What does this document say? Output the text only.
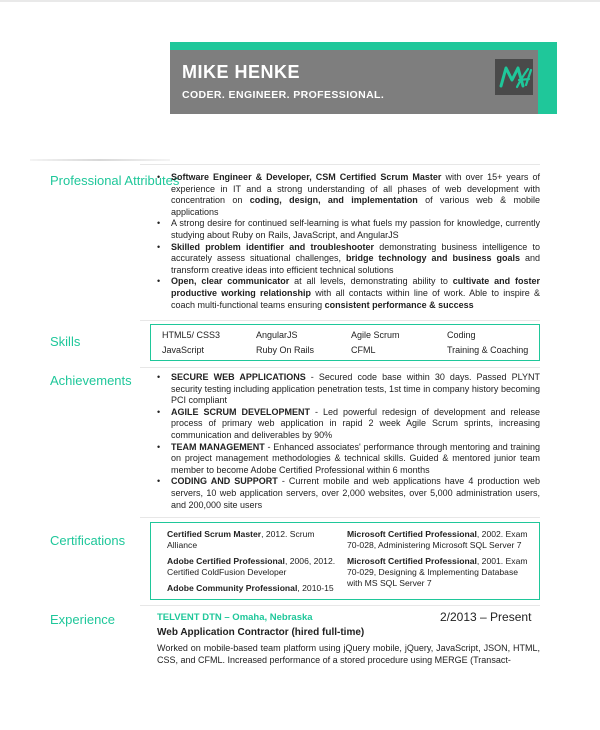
MIKE HENKE
CODER. ENGINEER. PROFESSIONAL.
Professional Attributes
• Software Engineer & Developer, CSM Certified Scrum Master with over 15+ years of experience in IT and a strong understanding of all phases of web development with concentration on coding, design, and implementation of various web & mobile applications
• A strong desire for continued self-learning is what fuels my passion for knowledge, currently studying about Ruby on Rails, JavaScript, and AngularJS
• Skilled problem identifier and troubleshooter demonstrating business intelligence to accurately assess situational challenges, bridge technology and business goals and transform creative ideas into efficient technical solutions
• Open, clear communicator at all levels, demonstrating ability to cultivate and foster productive working relationship with all contacts within line of work. Able to inspire & coach multi-functional teams ensuring consistent performance & success
Skills	HTML5/ CSS3	AngularJS	Agile Scrum	Coding
JavaScript	Ruby On Rails	CFML	Training & Coaching
Achievements
•	SECURE WEB APPLICATIONS - Secured code base within 30 days. Passed PLYNT security testing including application penetration tests, 1st time in company history becoming PCI compliant
• AGILE SCRUM DEVELOPMENT - Led powerful redesign of development and release process of primary web application in rapid 2 week Agile Scrum sprints, increasing communication and deliverables by 90%
• TEAM MANAGEMENT - Enhanced associates' performance through mentoring and training on project management methodologies & technical skills. Guided & mentored junior team member to become Adobe Certified Professional within 6 months
• CODING AND SUPPORT - Current mobile and web applications have 4 production web servers, 10 web application servers, over 2,000 websites, over 5,000 administration users, and 200,000 site users
Certifications	Certified Scrum Master, 2012. Scrum Alliance
Microsoft Certified Professional, 2002. Exam 70-028, Administering Microsoft SQL Server 7
Adobe Certified Professional, 2006, 2012. Certified ColdFusion Developer
Microsoft Certified Professional, 2001. Exam 70-029, Designing & Implementing Database with MS SQL Server 7
Adobe Community Professional, 2010-15
Experience	TELVENT DTN – Omaha, Nebraska	2/2013 – Present

Web Application Contractor (hired full-time)

Worked on mobile-based team platform using jQuery mobile, jQuery, JavaScript, JSON, HTML, CSS, and CFML. Increased performance of a stored procedure using MERGE (Transact-
